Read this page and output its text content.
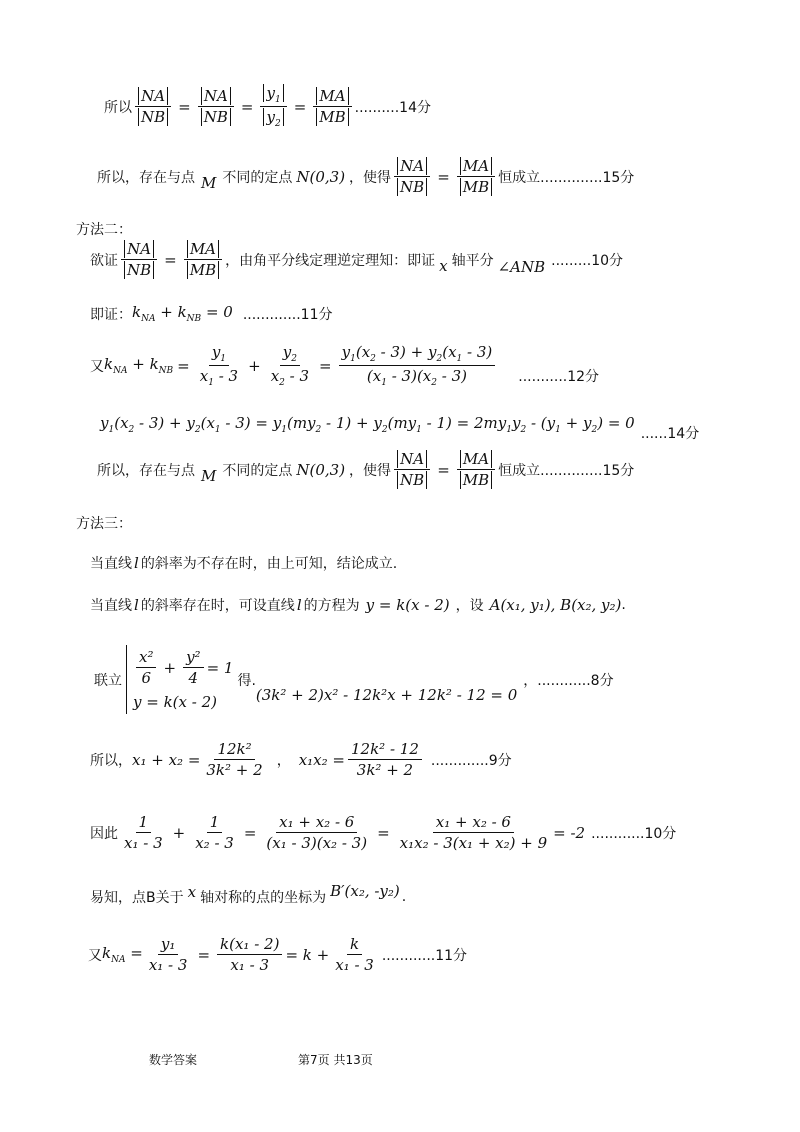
所以 $\frac{NA}{NB} = \frac{NA}{NB} = \frac{y_1}{y_2} = \frac{MA}{MB} ..........14$分
所以，存在与点 M 不同的定点 N(0,3) ，使得 $\frac{NA}{NB} = \frac{MA}{MB}$ 恒成立 ..............15分
方法二：
欲证 $\frac{NA}{NB} = \frac{MA}{MB}$ ，由角平分线定理逆定理知：即证 x 轴平分 ∠ANB .........10分
即证： $k_{NA} + k_{NB} = 0$ .............11分
又 $k_{NA} + k_{NB} = \frac{y_1}{x_1 - 3} + \frac{y_2}{x_2 - 3} = \frac{y_1(x_2 - 3) + y_2(x_1 - 3)}{(x_1 - 3)(x_2 - 3)} ...........12$分
$y_1(x_2 - 3) + y_2(x_1 - 3) = y_1(my_2 - 1) + y_2(my_1 - 1) = 2my_1y_2 - (y_1 + y_2) = 0$
......14分
所以，存在与点 M 不同的定点 N(0,3) ，使得 $\frac{NA}{NB} = \frac{MA}{MB}$ 恒成立 ..............15分
方法三：
当直线 l 的斜率为不存在时，由上可知，结论成立.
当直线 l 的斜率存在时，可设直线 l 的方程为 y = k(x - 2) ，设 A(x₁, y₁), B(x₂, y₂) .
联立 $\frac{\text{x²}}{6} + \frac{\text{y²}}{4} = 1$
y = k(x - 2)
得.
(3k² + 2)x² - 12k²x + 12k² - 12 = 0
，............8分
所以， $x_1 + x_2 = \frac{\text{12k²}}{\text{3k² + 2}}$ ， $x_1x_2 = \frac{\text{12k² - 12}}{\text{3k² + 2}} .............9$分
因此 $\frac{1}{\text{x₁ - 3}} + \frac{1}{\text{x₂ - 3}} = \frac{\text{x₁ + x₂ - 6}}{\text{(x₁ - 3)(x₂ - 3)}} = \frac{\text{x₁ + x₂ - 6}}{\text{x₁x₂ - 3(x₁ + x₂) + 9}} = -2$ ............10分
易知，点B关于 x 轴对称的点的坐标为 B′(x₂, -y₂) .
又 $k_{NA} = \frac{\text{y₁}}{\text{x₁ - 3}} = \frac{\text{k(x₁ - 2)}}{\text{x₁ - 3}} = k + \frac{k}{\text{x₁ - 3}} ............11$分
数学答案	第7页 共13页
